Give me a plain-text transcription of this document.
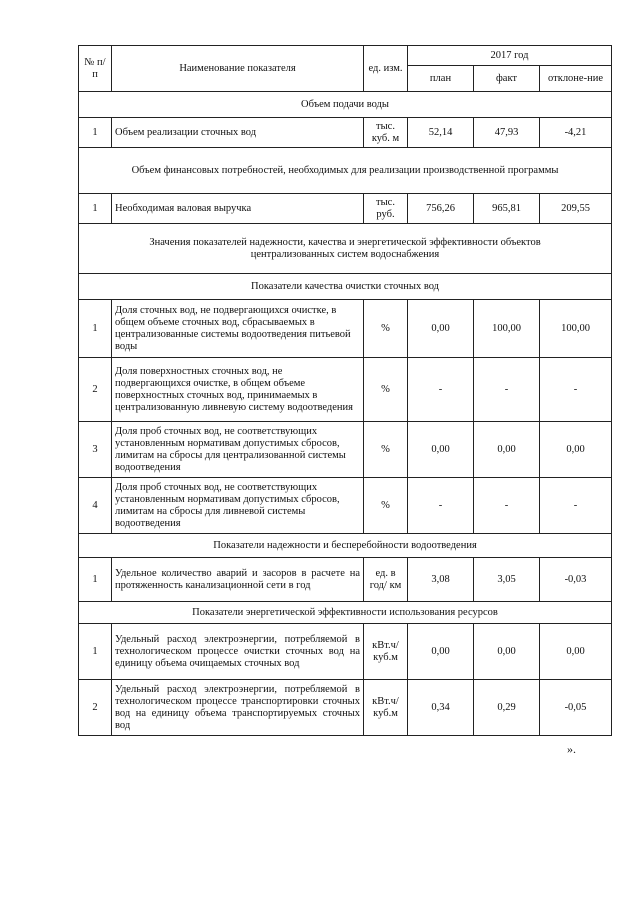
№ п/п	Наименование показателя	ед. изм.	2017 год		
			план	факт	отклоне-ние
Объем подачи воды					
1	Объем реализации сточных вод	тыс. куб. м	52,14	47,93	-4,21
Объем финансовых потребностей, необходимых для реализации производственной программы					
1	Необходимая валовая выручка	тыс. руб.	756,26	965,81	209,55
Значения показателей надежности, качества и энергетической эффективности объектов централизованных систем водоснабжения					
Показатели качества очистки сточных вод					
1	Доля сточных вод, не подвергающихся очистке, в общем объеме сточных вод, сбрасываемых в централизованные системы водоотведения питьевой воды	%	0,00	100,00	100,00
2	Доля поверхностных сточных вод, не подвергающихся очистке, в общем объеме поверхностных сточных вод, принимаемых в централизованную ливневую систему водоотведения	%	-	-	-
3	Доля проб сточных вод, не соответствующих установленным нормативам допустимых сбросов, лимитам на сбросы для централизованной системы водоотведения	%	0,00	0,00	0,00
4	Доля проб сточных вод, не соответствующих установленным нормативам допустимых сбросов, лимитам на сбросы для ливневой системы водоотведения	%	-	-	-
Показатели надежности и бесперебойности водоотведения					
1	Удельное количество аварий и засоров в расчете на протяженность канализационной сети в год	ед. в год/ км	3,08	3,05	-0,03
Показатели энергетической эффективности использования ресурсов					
1	Удельный расход электроэнергии, потребляемой в технологическом процессе очистки сточных вод на единицу объема очищаемых сточных вод	кВт.ч/ куб.м	0,00	0,00	0,00
2	Удельный расход электроэнергии, потребляемой в технологическом процессе транспортировки сточных вод на единицу объема транспортируемых сточных вод	кВт.ч/ куб.м	0,34	0,29	-0,05
».
